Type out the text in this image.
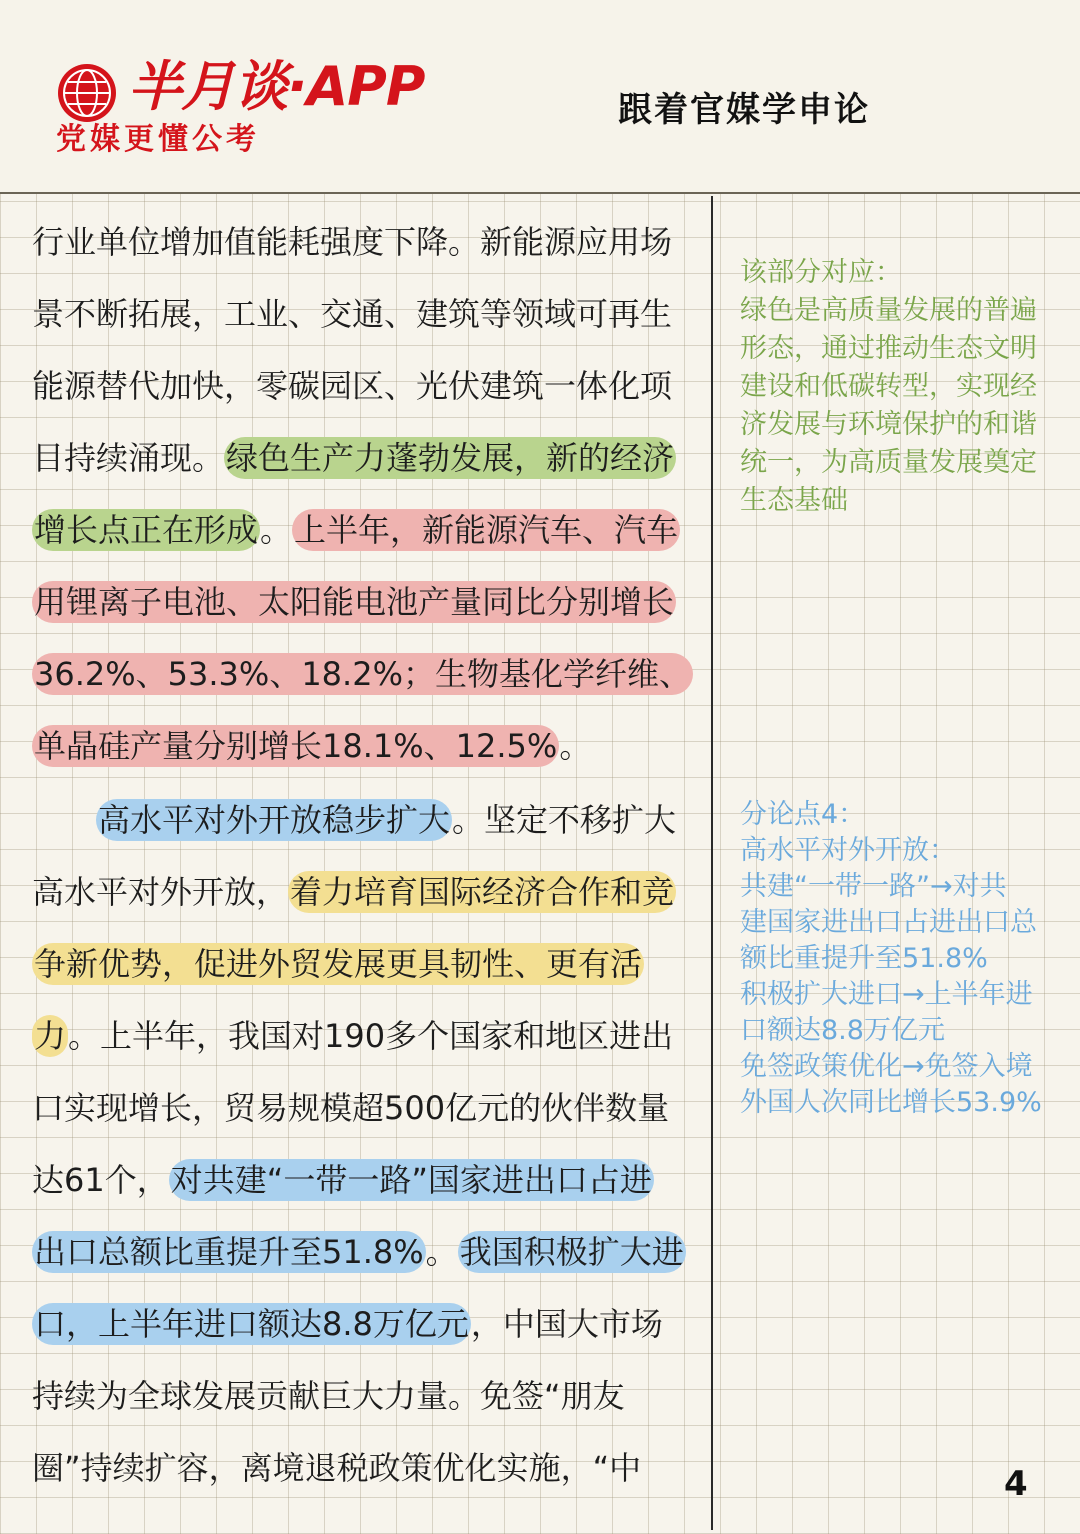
半月谈·APP
党媒更懂公考
跟着官媒学申论
行业单位增加值能耗强度下降。新能源应用场
景不断拓展，工业、交通、建筑等领域可再生
能源替代加快，零碳园区、光伏建筑一体化项
目持续涌现。绿色生产力蓬勃发展，新的经济
增长点正在形成。上半年，新能源汽车、汽车
用锂离子电池、太阳能电池产量同比分别增长
36.2%、53.3%、18.2%；生物基化学纤维、
单晶硅产量分别增长18.1%、12.5%。
高水平对外开放稳步扩大。坚定不移扩大
高水平对外开放，着力培育国际经济合作和竞
争新优势，促进外贸发展更具韧性、更有活
力。上半年，我国对190多个国家和地区进出
口实现增长，贸易规模超500亿元的伙伴数量
达61个，对共建“一带一路”国家进出口占进
出口总额比重提升至51.8%。我国积极扩大进
口，上半年进口额达8.8万亿元，中国大市场
持续为全球发展贡献巨大力量。免签“朋友
圈”持续扩容，离境退税政策优化实施，“中
该部分对应：
绿色是高质量发展的普遍
形态，通过推动生态文明
建设和低碳转型，实现经
济发展与环境保护的和谐
统一，为高质量发展奠定
生态基础
分论点4：
高水平对外开放：
共建“一带一路”→对共
建国家进出口占进出口总
额比重提升至51.8%
积极扩大进口→上半年进
口额达8.8万亿元
免签政策优化→免签入境
外国人次同比增长53.9%
4
